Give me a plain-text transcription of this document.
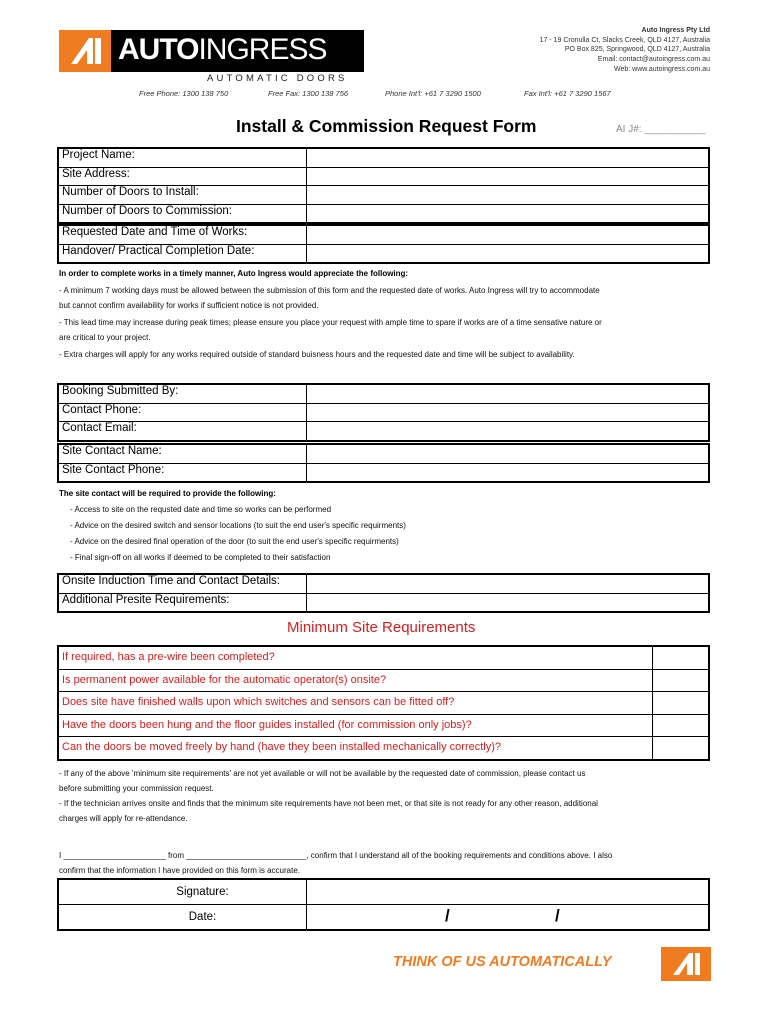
AUTOINGRESS
AUTOMATIC DOORS
Auto Ingress Pty Ltd
17 - 19 Cronulla Ct, Slacks Creek, QLD 4127, Australia
PO Box 825, Springwood, QLD 4127, Australia
Email: contact@autoingress.com.au
Web: www.autoingress.com.au
Free Phone: 1300 138 750	Free Fax: 1300 138 756	Phone Int'l: +61 7 3290 1500	Fax Int'l: +61 7 3290 1567
Install & Commission Request Form	AI J#: ___________
Project Name:
Site Address:
Number of Doors to Install:
Number of Doors to Commission:
Requested Date and Time of Works:
Handover/ Practical Completion Date:
In order to complete works in a timely manner, Auto Ingress would appreciate the following:
- A minimum 7 working days must be allowed between the submission of this form and the requested date of works. Auto Ingress will try to accommodate
but cannot confirm availability for works if sufficient notice is not provided.
- This lead time may increase during peak times; please ensure you place your request with ample time to spare if works are of a time sensative nature or
are critical to your project.
- Extra charges will apply for any works required outside of standard buisness hours and the requested date and time will be subject to availability.
Booking Submitted By:
Contact Phone:
Contact Email:
Site Contact Name:
Site Contact Phone:
The site contact will be required to provide the following:
- Access to site on the requsted date and time so works can be performed
- Advice on the desired switch and sensor locations (to suit the end user's specific requirments)
- Advice on the desired final operation of the door (to suit the end user's specific requirments)
- Final sign-off on all works if deemed to be completed to their satisfaction
Onsite Induction Time and Contact Details:
Additional Presite Requirements:
Minimum Site Requirements
If required, has a pre-wire been completed?
Is permanent power available for the automatic operator(s) onsite?
Does site have finished walls upon which switches and sensors can be fitted off?
Have the doors been hung and the floor guides installed (for commission only jobs)?
Can the doors be moved freely by hand (have they been installed mechanically correctly)?
- If any of the above 'minimum site requirements' are not yet available or will not be available by the requested date of commission, please contact us
before submitting your commission request.
- If the technician arrives onsite and finds that the minimum site requirements have not been met, or that site is not ready for any other reason, additional
charges will apply for re-attendance.
I _______________________ from ___________________________, confirm that I understand all of the booking requirements and conditions above. I also
confirm that the information I have provided on this form is accurate.
Signature:
Date:	/	/
THINK OF US AUTOMATICALLY
